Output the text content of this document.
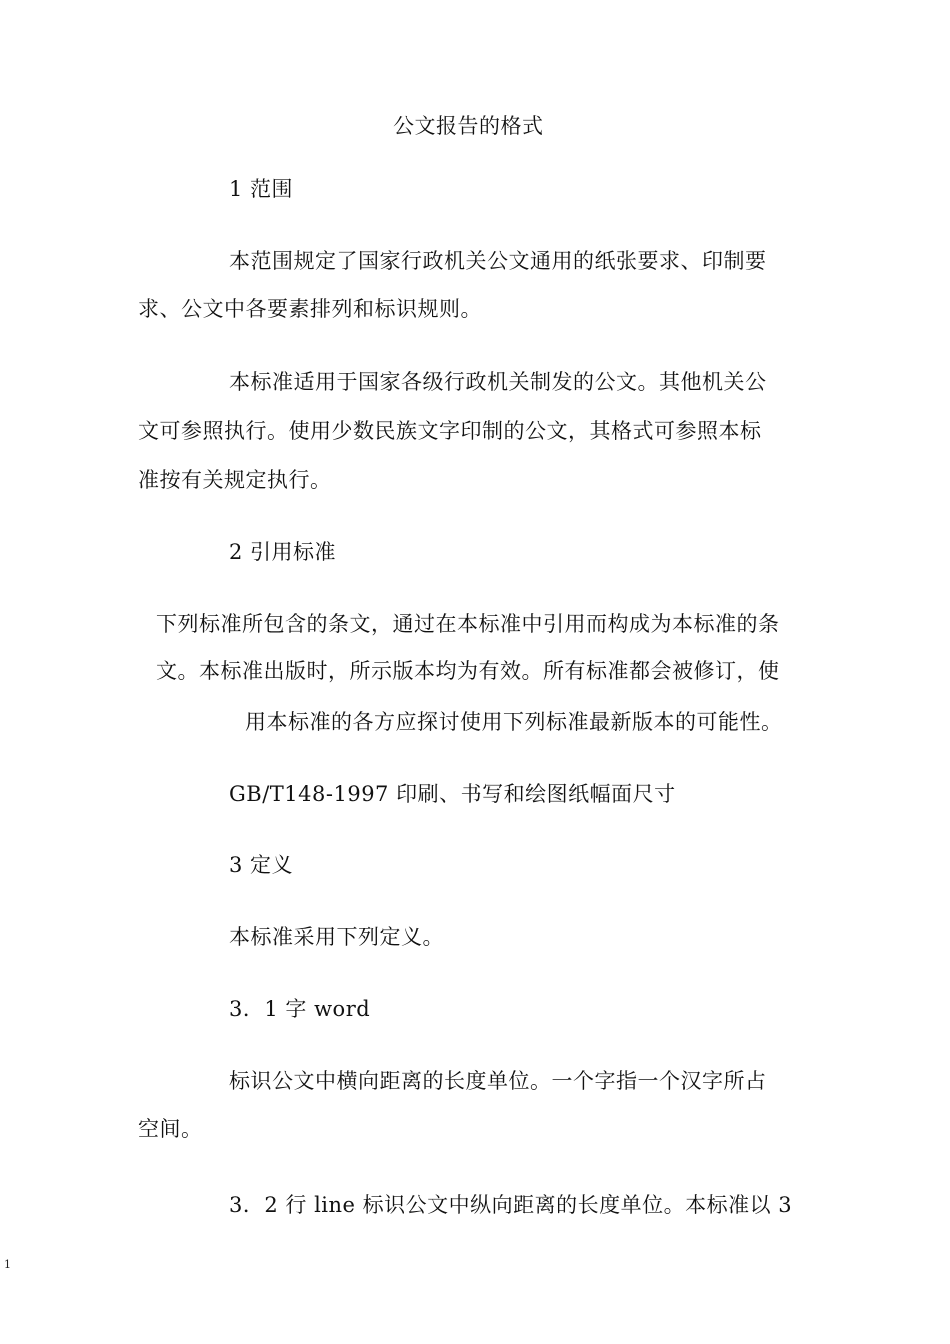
公文报告的格式
1 范围
本范围规定了国家行政机关公文通用的纸张要求、印制要
求、公文中各要素排列和标识规则。
本标准适用于国家各级行政机关制发的公文。其他机关公
文可参照执行。使用少数民族文字印制的公文，其格式可参照本标
准按有关规定执行。
2 引用标准
下列标准所包含的条文，通过在本标准中引用而构成为本标准的条
文。本标准出版时，所示版本均为有效。所有标准都会被修订，使
用本标准的各方应探讨使用下列标准最新版本的可能性。
GB/T148-1997 印刷、书写和绘图纸幅面尺寸
3 定义
本标准采用下列定义。
3．1 字 word
标识公文中横向距离的长度单位。一个字指一个汉字所占
空间。
3．2 行 line 标识公文中纵向距离的长度单位。本标准以 3
1
